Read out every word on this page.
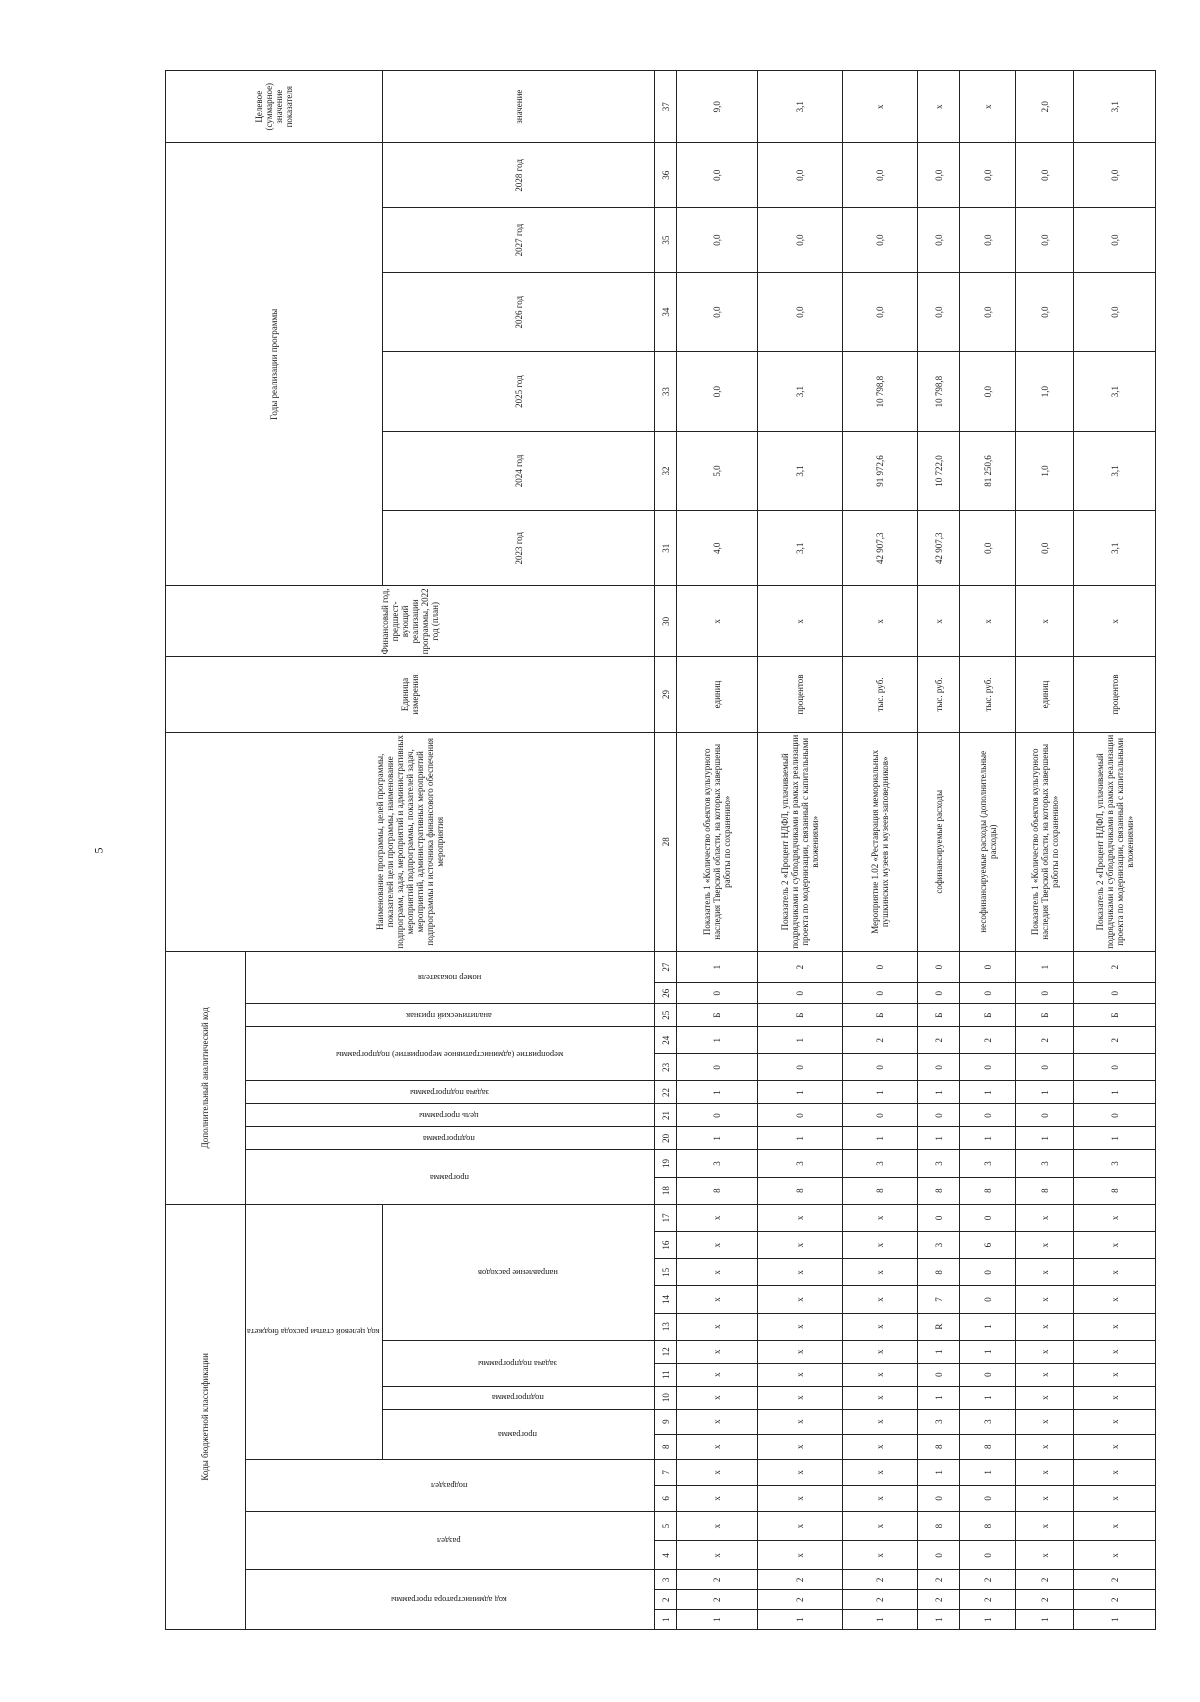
5
Коды бюджетной классификации																	Дополнительный аналитический код										Наименование программы, целей программы, показателей цели программы, наименование подпрограмм, задач, мероприятий и административных мероприятий подпрограммы, показателей задач, мероприятий, административных мероприятий подпрограммы и источника финансового обеспечения мероприятия	Единица измерения	Финансовый год, предшест-вующий реализации программы, 2022 год (план)	Годы реализации программы						Целевое (суммарное) значение показателя
код администратора программы			раздел		подраздел		код целевой статьи расхода бюджета										программа		подпрограмма	цель программы	задача подпрограммы	мероприятие (административное мероприятие) подпрограммы		аналитический признак	номер показателя											
							программа		подпрограмма	задача подпрограммы		направление расходов																		2023 год	2024 год	2025 год	2026 год	2027 год	2028 год	значение
1	2	3	4	5	6	7	8	9	10	11	12	13	14	15	16	17	18	19	20	21	22	23	24	25	26	27	28	29	30	31	32	33	34	35	36	37
1	2	2	х	х	х	х	х	х	х	х	х	х	х	х	х	х	8	3	1	0	1	0	1	Б	0	1	Показатель 1 «Количество объектов культурного наследия Тверской области, на которых завершены работы по сохранению»	единиц	х	4,0	5,0	0,0	0,0	0,0	0,0	9,0
1	2	2	х	х	х	х	х	х	х	х	х	х	х	х	х	х	8	3	1	0	1	0	1	Б	0	2	Показатель 2 «Процент НДФЛ, уплачиваемый подрядчиками и субподрядчиками в рамках реализации проекта по модернизации, связанный с капитальными вложениями»	процентов	х	3,1	3,1	3,1	0,0	0,0	0,0	3,1
1	2	2	х	х	х	х	х	х	х	х	х	х	х	х	х	х	8	3	1	0	1	0	2	Б	0	0	Мероприятие 1.02 «Реставрация мемориальных пушкинских музеев и музеев-заповедников»	тыс. руб.	х	42 907,3	91 972,6	10 798,8	0,0	0,0	0,0	х
1	2	2	0	8	0	1	8	3	1	0	1	R	7	8	3	0	8	3	1	0	1	0	2	Б	0	0	софинансируемые расходы	тыс. руб.	х	42 907,3	10 722,0	10 798,8	0,0	0,0	0,0	х
1	2	2	0	8	0	1	8	3	1	0	1	1	0	0	6	0	8	3	1	0	1	0	2	Б	0	0	несофинансируемые расходы (дополнительные расходы)	тыс. руб.	х	0,0	81 250,6	0,0	0,0	0,0	0,0	х
1	2	2	х	х	х	х	х	х	х	х	х	х	х	х	х	х	8	3	1	0	1	0	2	Б	0	1	Показатель 1 «Количество объектов культурного наследия Тверской области, на которых завершены работы по сохранению»	единиц	х	0,0	1,0	1,0	0,0	0,0	0,0	2,0
1	2	2	х	х	х	х	х	х	х	х	х	х	х	х	х	х	8	3	1	0	1	0	2	Б	0	2	Показатель 2 «Процент НДФЛ, уплачиваемый подрядчиками и субподрядчиками в рамках реализации проекта по модернизации, связанный с капитальными вложениями»	процентов	х	3,1	3,1	3,1	0,0	0,0	0,0	3,1
